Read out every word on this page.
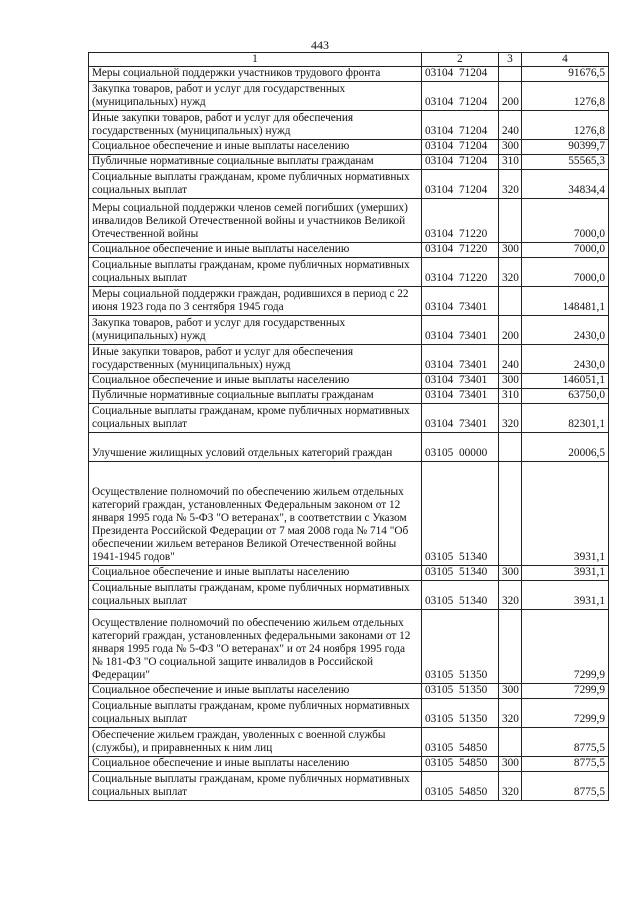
443
1	2	3	4
Меры социальной поддержки участников трудового фронта	03104 71204		91676,5
Закупка товаров, работ и услуг для государственных (муниципальных) нужд	03104 71204	200	1276,8
Иные закупки товаров, работ и услуг для обеспечения государственных (муниципальных) нужд	03104 71204	240	1276,8
Социальное обеспечение и иные выплаты населению	03104 71204	300	90399,7
Публичные нормативные социальные выплаты гражданам	03104 71204	310	55565,3
Социальные выплаты гражданам, кроме публичных нормативных социальных выплат	03104 71204	320	34834,4
Меры социальной поддержки членов семей погибших (умерших) инвалидов Великой Отечественной войны и участников Великой Отечественной войны	03104 71220		7000,0
Социальное обеспечение и иные выплаты населению	03104 71220	300	7000,0
Социальные выплаты гражданам, кроме публичных нормативных социальных выплат	03104 71220	320	7000,0
Меры социальной поддержки граждан, родившихся в период с 22 июня 1923 года по 3 сентября 1945 года	03104 73401		148481,1
Закупка товаров, работ и услуг для государственных (муниципальных) нужд	03104 73401	200	2430,0
Иные закупки товаров, работ и услуг для обеспечения государственных (муниципальных) нужд	03104 73401	240	2430,0
Социальное обеспечение и иные выплаты населению	03104 73401	300	146051,1
Публичные нормативные социальные выплаты гражданам	03104 73401	310	63750,0
Социальные выплаты гражданам, кроме публичных нормативных социальных выплат	03104 73401	320	82301,1
Улучшение жилищных условий отдельных категорий граждан	03105 00000		20006,5
Осуществление полномочий по обеспечению жильем отдельных категорий граждан, установленных Федеральным законом от 12 января 1995 года № 5-ФЗ "О ветеранах", в соответствии с Указом Президента Российской Федерации от 7 мая 2008 года № 714 "Об обеспечении жильем ветеранов Великой Отечественной войны 1941-1945 годов"	03105 51340		3931,1
Социальное обеспечение и иные выплаты населению	03105 51340	300	3931,1
Социальные выплаты гражданам, кроме публичных нормативных социальных выплат	03105 51340	320	3931,1
Осуществление полномочий по обеспечению жильем отдельных категорий граждан, установленных федеральными законами от 12 января 1995 года № 5-ФЗ "О ветеранах" и от 24 ноября 1995 года № 181-ФЗ "О социальной защите инвалидов в Российской Федерации"	03105 51350		7299,9
Социальное обеспечение и иные выплаты населению	03105 51350	300	7299,9
Социальные выплаты гражданам, кроме публичных нормативных социальных выплат	03105 51350	320	7299,9
Обеспечение жильем граждан, уволенных с военной службы (службы), и приравненных к ним лиц	03105 54850		8775,5
Социальное обеспечение и иные выплаты населению	03105 54850	300	8775,5
Социальные выплаты гражданам, кроме публичных нормативных социальных выплат	03105 54850	320	8775,5
